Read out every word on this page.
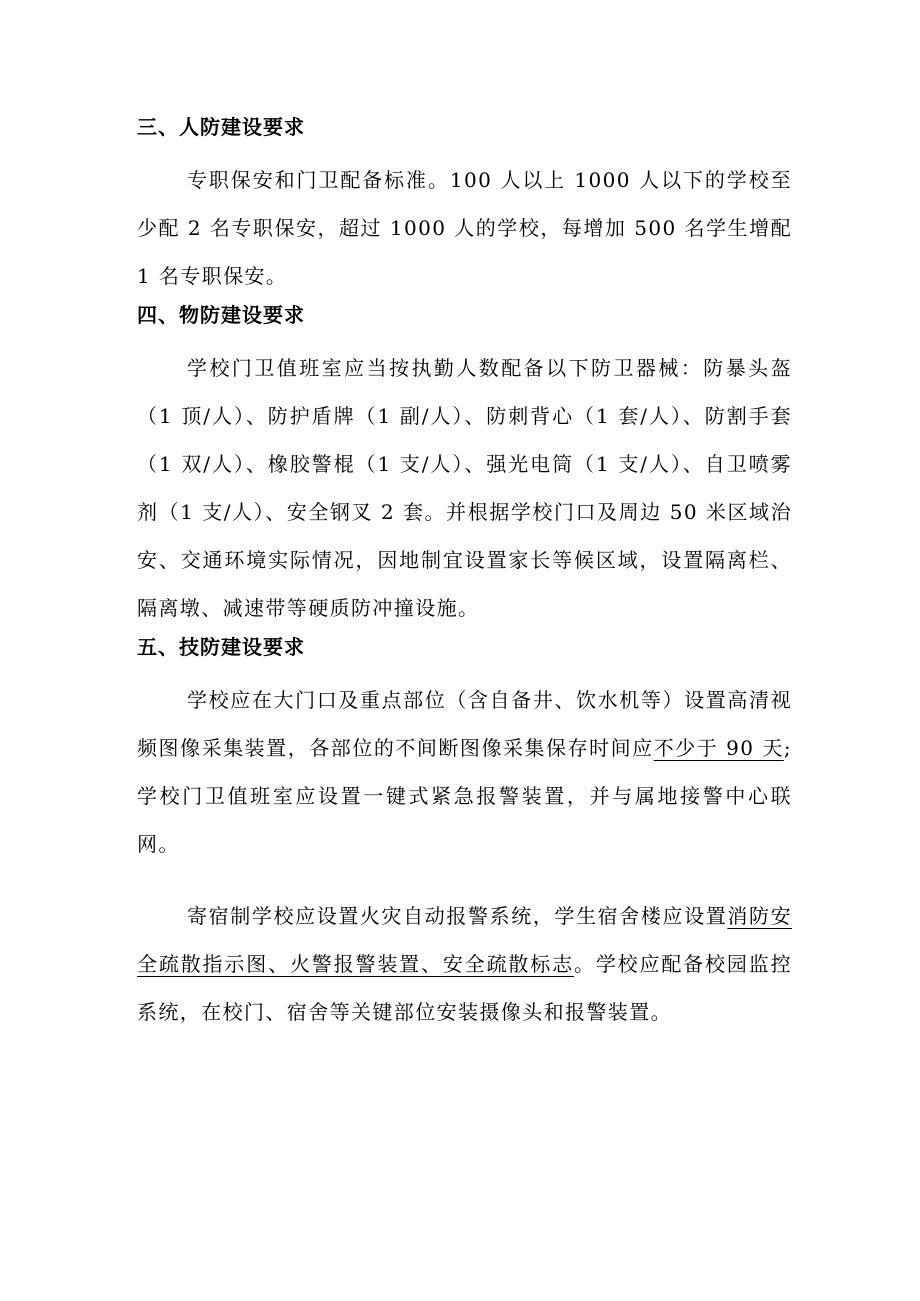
三、人防建设要求

专职保安和门卫配备标准。100 人以上 1000 人以下的学校至少配 2 名专职保安，超过 1000 人的学校，每增加 500 名学生增配 1 名专职保安。

四、物防建设要求

学校门卫值班室应当按执勤人数配备以下防卫器械：防暴头盔（1 顶/人）、防护盾牌（1 副/人）、防刺背心（1 套/人）、防割手套（1 双/人）、橡胶警棍（1 支/人）、强光电筒（1 支/人）、自卫喷雾剂（1 支/人）、安全钢叉 2 套。并根据学校门口及周边 50 米区域治安、交通环境实际情况，因地制宜设置家长等候区域，设置隔离栏、隔离墩、减速带等硬质防冲撞设施。

五、技防建设要求

学校应在大门口及重点部位（含自备井、饮水机等）设置高清视频图像采集装置，各部位的不间断图像采集保存时间应不少于 90 天;学校门卫值班室应设置一键式紧急报警装置，并与属地接警中心联网。

寄宿制学校应设置火灾自动报警系统，学生宿舍楼应设置消防安全疏散指示图、火警报警装置、安全疏散标志。学校应配备校园监控系统，在校门、宿舍等关键部位安装摄像头和报警装置。
